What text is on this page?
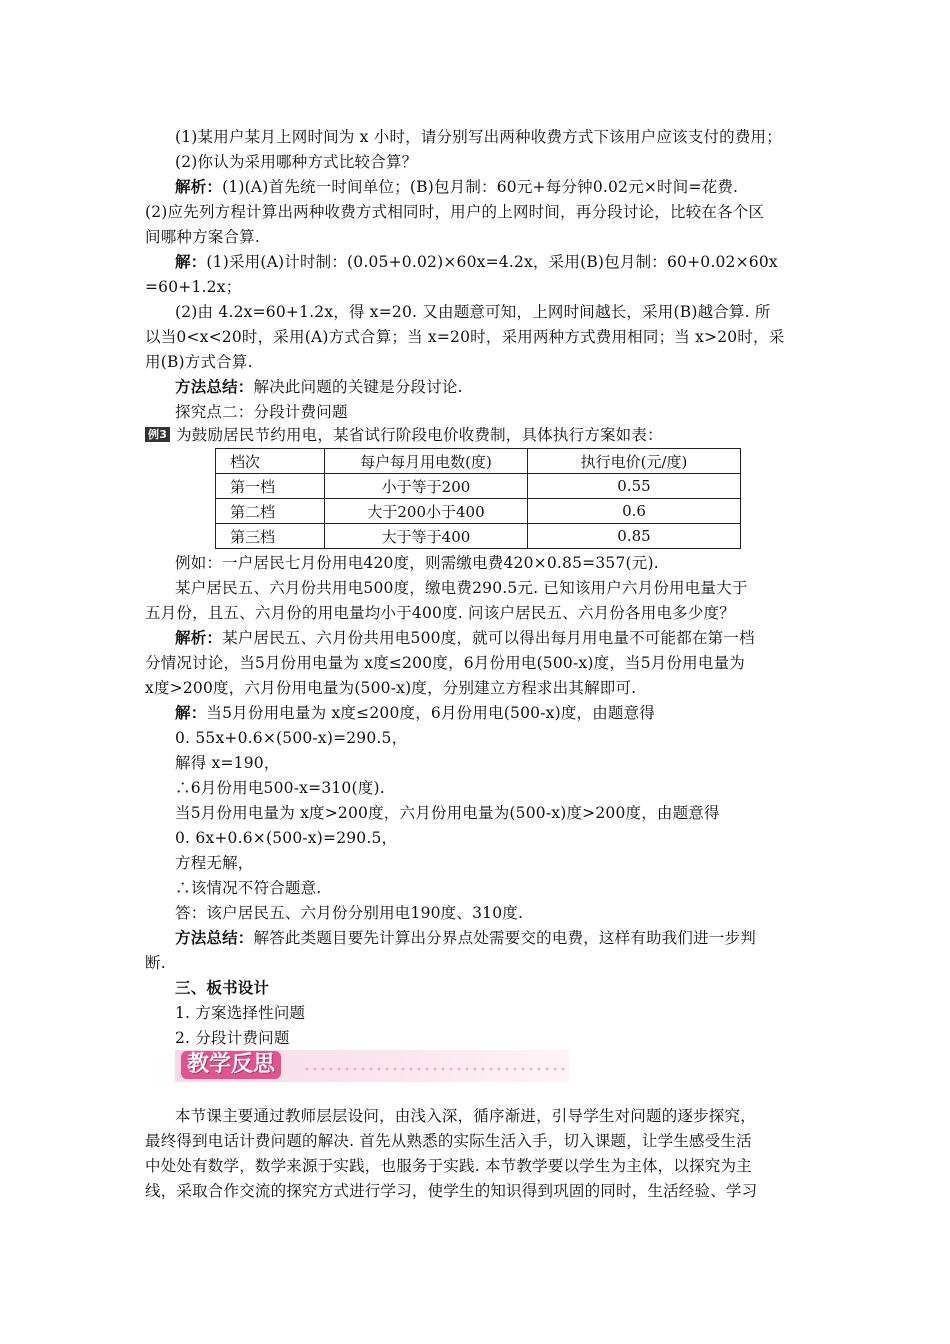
(1)某用户某月上网时间为 x 小时，请分别写出两种收费方式下该用户应该支付的费用；
(2)你认为采用哪种方式比较合算？
解析：(1)(A)首先统一时间单位；(B)包月制：60元+每分钟0.02元×时间=花费.
(2)应先列方程计算出两种收费方式相同时，用户的上网时间，再分段讨论，比较在各个区
间哪种方案合算.
解：(1)采用(A)计时制：(0.05+0.02)×60x=4.2x，采用(B)包月制：60+0.02×60x
=60+1.2x；
(2)由 4.2x=60+1.2x，得 x=20. 又由题意可知，上网时间越长，采用(B)越合算. 所
以当0<x<20时，采用(A)方式合算；当 x=20时，采用两种方式费用相同；当 x>20时，采
用(B)方式合算.
方法总结：解决此问题的关键是分段讨论.
探究点二：分段计费问题
例3 为鼓励居民节约用电，某省试行阶段电价收费制，具体执行方案如表：
档次	每户每月用电数(度)	执行电价(元/度)
第一档	小于等于200	0.55
第二档	大于200小于400	0.6
第三档	大于等于400	0.85
例如：一户居民七月份用电420度，则需缴电费420×0.85=357(元).
某户居民五、六月份共用电500度，缴电费290.5元. 已知该用户六月份用电量大于
五月份，且五、六月份的用电量均小于400度. 问该户居民五、六月份各用电多少度？
解析：某户居民五、六月份共用电500度，就可以得出每月用电量不可能都在第一档
分情况讨论，当5月份用电量为 x度≤200度，6月份用电(500-x)度，当5月份用电量为
x度>200度，六月份用电量为(500-x)度，分别建立方程求出其解即可.
解：当5月份用电量为 x度≤200度，6月份用电(500-x)度，由题意得
0. 55x+0.6×(500-x)=290.5，
解得 x=190，
∴6月份用电500-x=310(度).
当5月份用电量为 x度>200度，六月份用电量为(500-x)度>200度，由题意得
0. 6x+0.6×(500-x)=290.5，
方程无解，
∴该情况不符合题意.
答：该户居民五、六月份分别用电190度、310度.
方法总结：解答此类题目要先计算出分界点处需要交的电费，这样有助我们进一步判
断.
三、板书设计
1. 方案选择性问题
2. 分段计费问题
教学反思
本节课主要通过教师层层设问，由浅入深，循序渐进，引导学生对问题的逐步探究，
最终得到电话计费问题的解决. 首先从熟悉的实际生活入手，切入课题，让学生感受生活
中处处有数学，数学来源于实践，也服务于实践. 本节教学要以学生为主体，以探究为主
线，采取合作交流的探究方式进行学习，使学生的知识得到巩固的同时，生活经验、学习
